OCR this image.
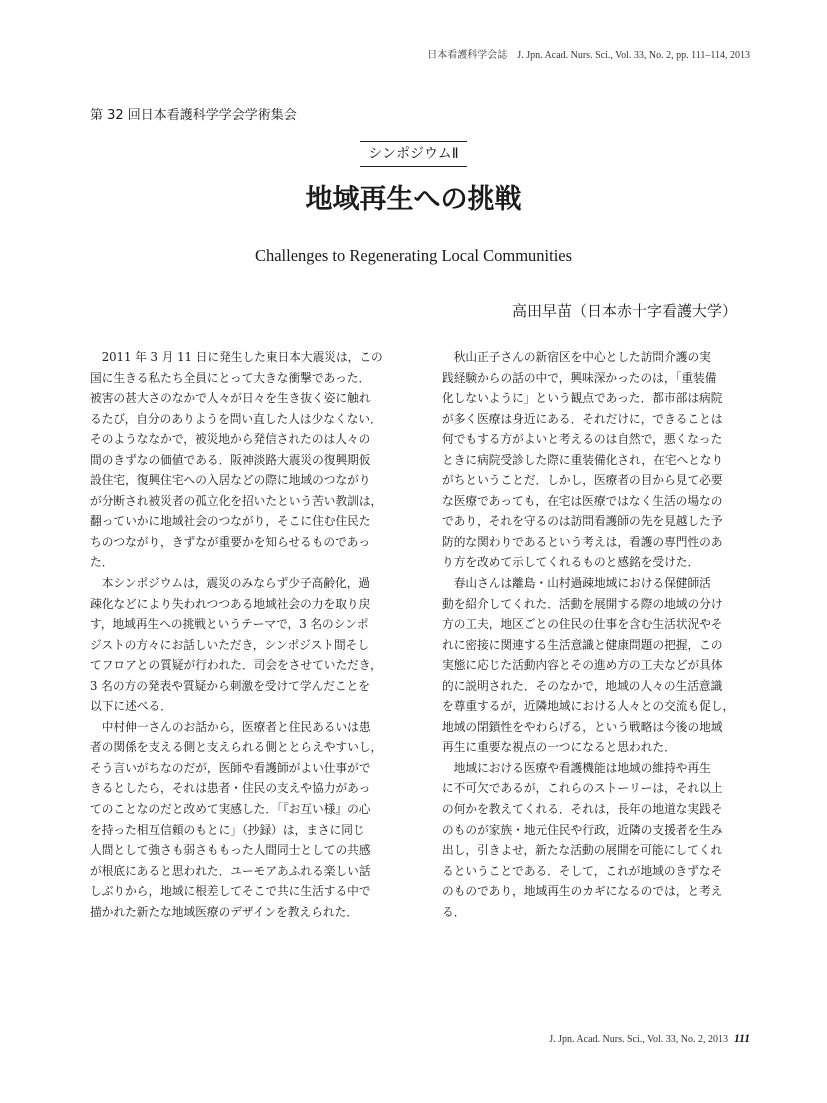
日本看護科学会誌　J. Jpn. Acad. Nurs. Sci., Vol. 33, No. 2, pp. 111–114, 2013
第 32 回日本看護科学学会学術集会
シンポジウムⅡ
地域再生への挑戦
Challenges to Regenerating Local Communities
高田早苗（日本赤十字看護大学）
　2011 年 3 月 11 日に発生した東日本大震災は，この
国に生きる私たち全員にとって大きな衝撃であった．
被害の甚大さのなかで人々が日々を生き抜く姿に触れ
るたび，自分のありようを問い直した人は少なくない．
そのようななかで，被災地から発信されたのは人々の
間のきずなの価値である．阪神淡路大震災の復興期仮
設住宅，復興住宅への入居などの際に地域のつながり
が分断され被災者の孤立化を招いたという苦い教訓は，
翻っていかに地域社会のつながり，そこに住む住民た
ちのつながり，きずなが重要かを知らせるものであっ
た．
　本シンポジウムは，震災のみならず少子高齢化，過
疎化などにより失われつつある地域社会の力を取り戻
す，地域再生への挑戦というテーマで，3 名のシンポ
ジストの方々にお話しいただき，シンポジスト間そし
てフロアとの質疑が行われた．司会をさせていただき，
3 名の方の発表や質疑から刺激を受けて学んだことを
以下に述べる．
　中村伸一さんのお話から，医療者と住民あるいは患
者の関係を支える側と支えられる側ととらえやすいし，
そう言いがちなのだが，医師や看護師がよい仕事がで
きるとしたら，それは患者・住民の支えや協力があっ
てのことなのだと改めて実感した．「『お互い様』の心
を持った相互信頼のもとに」（抄録）は，まさに同じ
人間として強さも弱さももった人間同士としての共感
が根底にあると思われた．ユーモアあふれる楽しい話
しぶりから，地域に根差してそこで共に生活する中で
描かれた新たな地域医療のデザインを教えられた．
　秋山正子さんの新宿区を中心とした訪問介護の実
践経験からの話の中で，興味深かったのは，「重装備
化しないように」という観点であった．都市部は病院
が多く医療は身近にある．それだけに，できることは
何でもする方がよいと考えるのは自然で，悪くなった
ときに病院受診した際に重装備化され，在宅へとなり
がちということだ．しかし，医療者の目から見て必要
な医療であっても，在宅は医療ではなく生活の場なの
であり，それを守るのは訪問看護師の先を見越した予
防的な関わりであるという考えは，看護の専門性のあ
り方を改めて示してくれるものと感銘を受けた．
　春山さんは離島・山村過疎地域における保健師活
動を紹介してくれた．活動を展開する際の地域の分け
方の工夫，地区ごとの住民の仕事を含む生活状況やそ
れに密接に関連する生活意識と健康問題の把握，この
実態に応じた活動内容とその進め方の工夫などが具体
的に説明された．そのなかで，地域の人々の生活意識
を尊重するが，近隣地域における人々との交流も促し，
地域の閉鎖性をやわらげる，という戦略は今後の地域
再生に重要な視点の一つになると思われた．
　地域における医療や看護機能は地域の維持や再生
に不可欠であるが，これらのストーリーは，それ以上
の何かを教えてくれる．それは，長年の地道な実践そ
のものが家族・地元住民や行政，近隣の支援者を生み
出し，引きよせ，新たな活動の展開を可能にしてくれ
るということである．そして，これが地域のきずなそ
のものであり，地域再生のカギになるのでは，と考え
る．
J. Jpn. Acad. Nurs. Sci., Vol. 33, No. 2, 2013 111
